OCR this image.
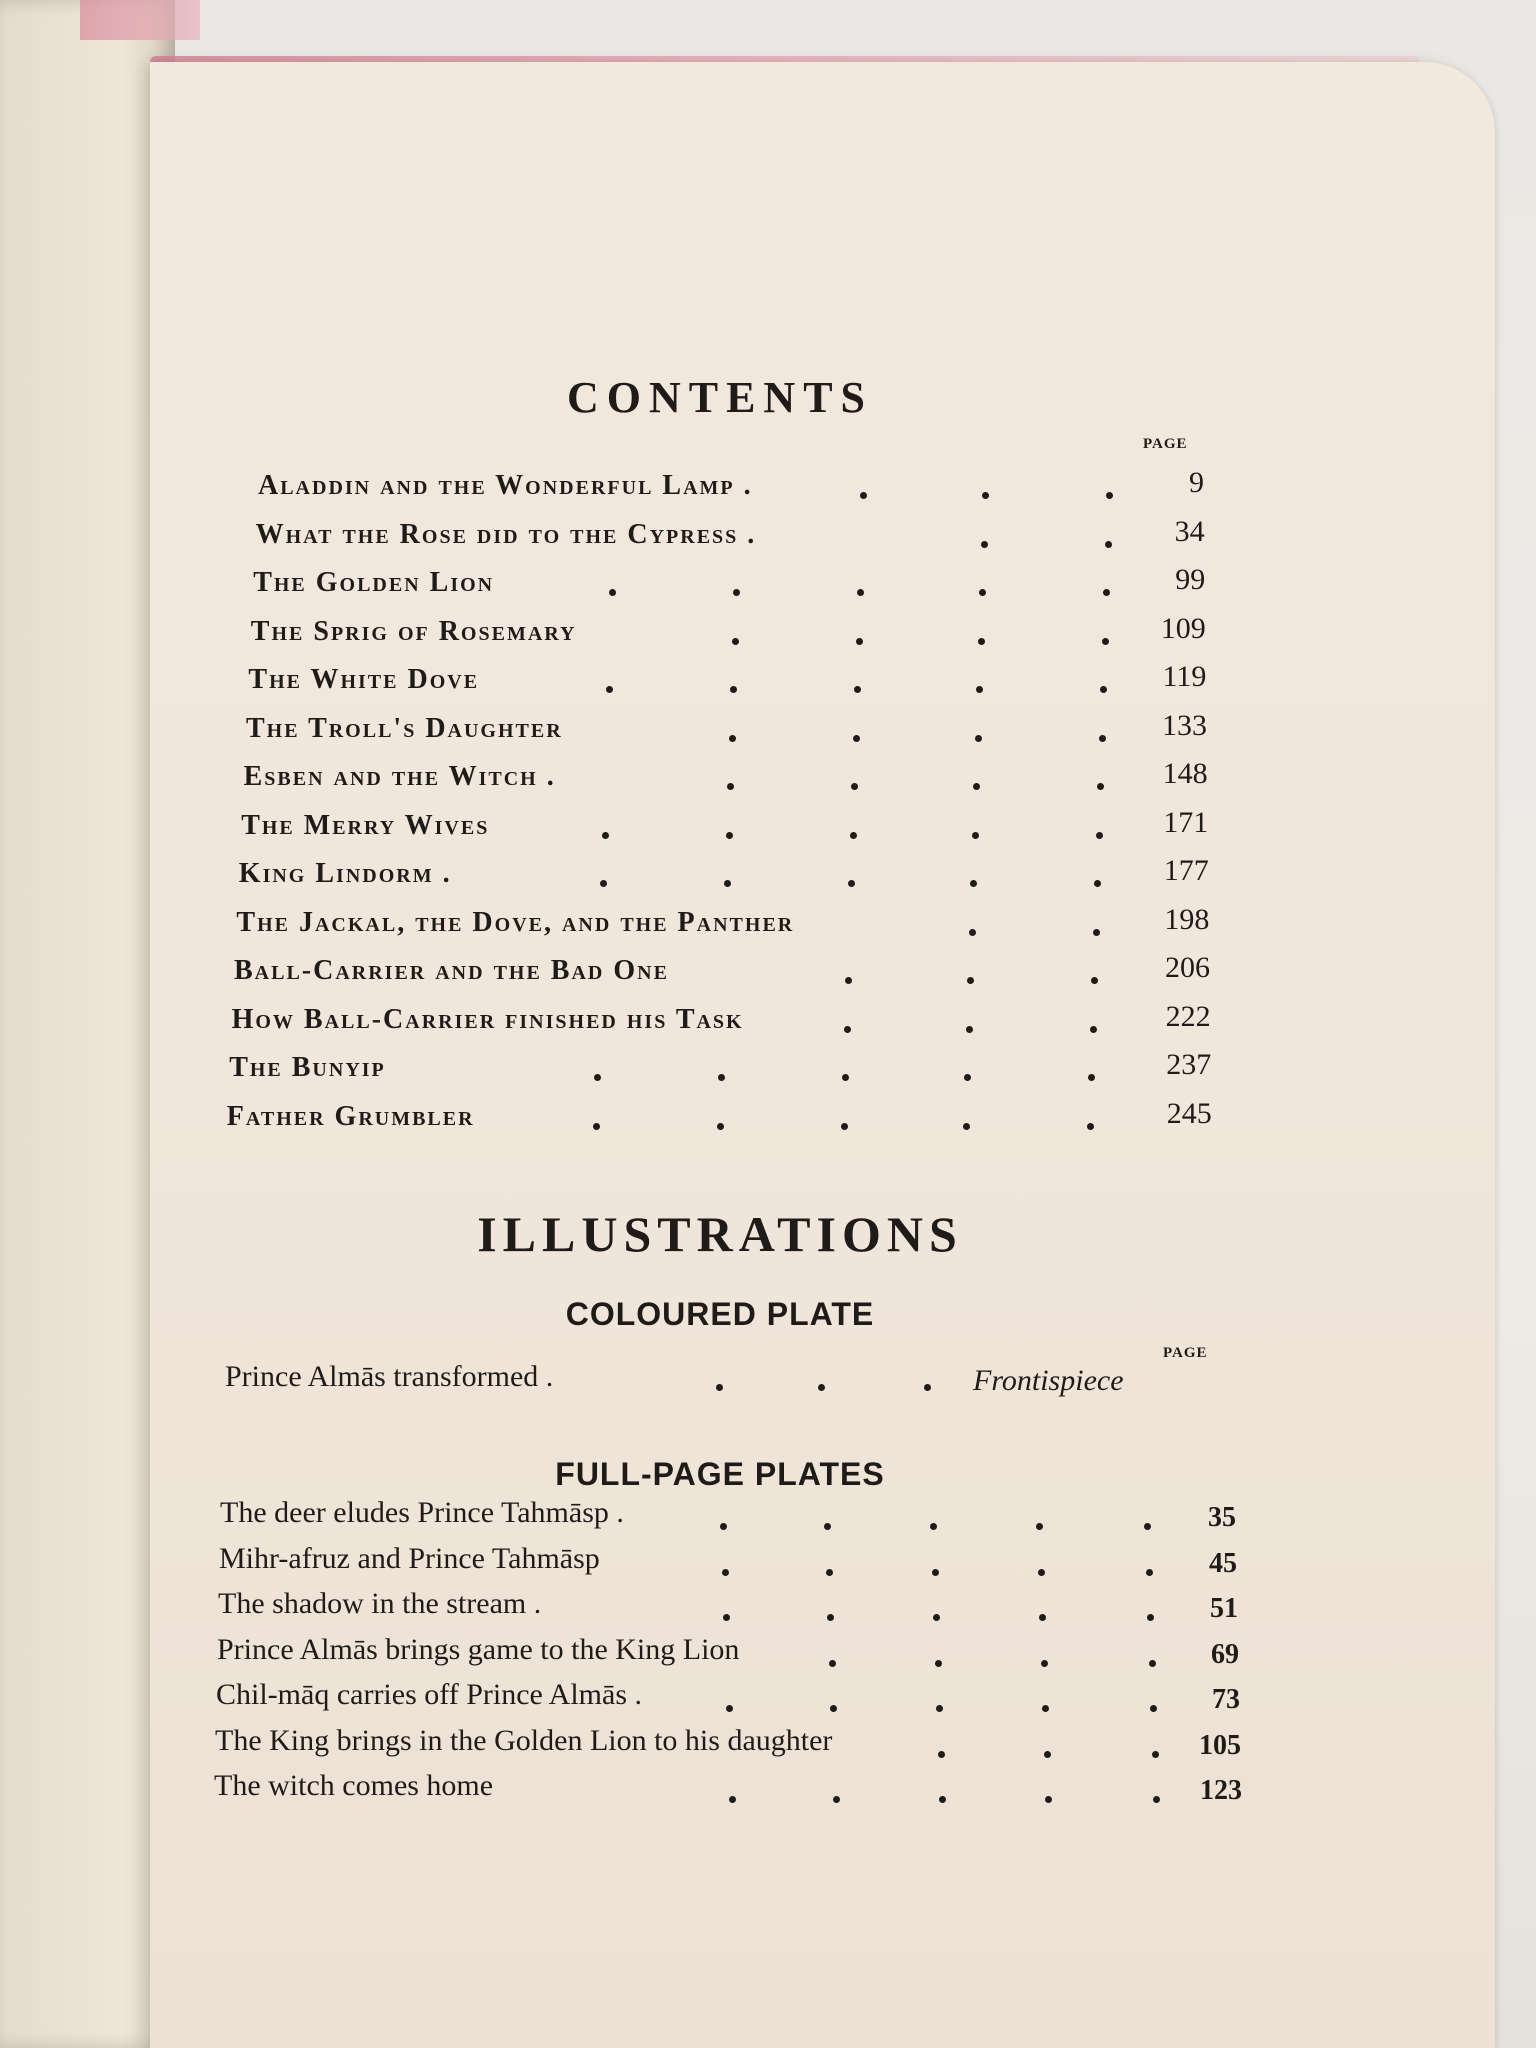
CONTENTS
PAGE
Aladdin and the Wonderful Lamp .	9
What the Rose did to the Cypress .	34
The Golden Lion	99
The Sprig of Rosemary	109
The White Dove	119
The Troll's Daughter	133
Esben and the Witch .	148
The Merry Wives	171
King Lindorm .	177
The Jackal, the Dove, and the Panther	198
Ball-Carrier and the Bad One	206
How Ball-Carrier finished his Task	222
The Bunyip	237
Father Grumbler	245
ILLUSTRATIONS
COLOURED PLATE
PAGE
Prince Almās transformed .	Frontispiece
FULL-PAGE PLATES
The deer eludes Prince Tahmāsp .	35
Mihr-afruz and Prince Tahmāsp	45
The shadow in the stream .	51
Prince Almās brings game to the King Lion	69
Chil-māq carries off Prince Almās .	73
The King brings in the Golden Lion to his daughter	105
The witch comes home	123
